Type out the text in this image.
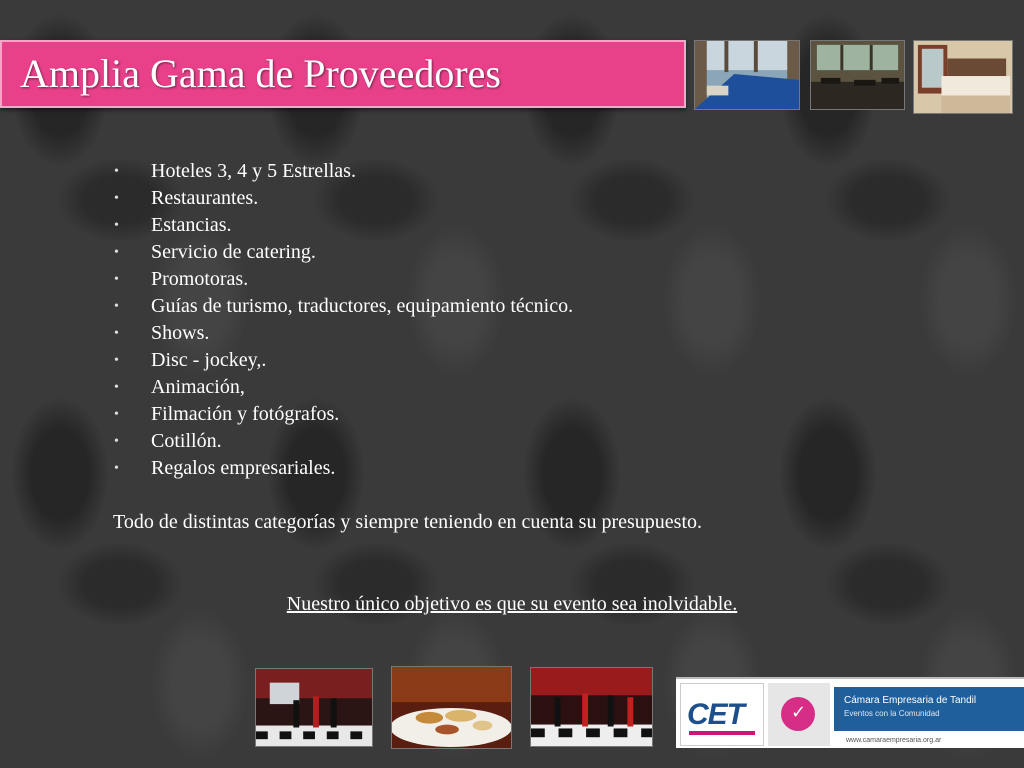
Amplia Gama de Proveedores
• Hoteles 3, 4 y 5 Estrellas.
• Restaurantes.
• Estancias.
• Servicio de catering.
• Promotoras.
• Guías de turismo, traductores, equipamiento técnico.
• Shows.
• Disc - jockey,.
• Animación,
• Filmación y fotógrafos.
• Cotillón.
• Regalos empresariales.
Todo de distintas categorías y siempre teniendo en cuenta su presupuesto.
Nuestro único objetivo es que su evento sea inolvidable.
CET	✓
Cámara Empresaria de Tandil
Eventos con la Comunidad
www.camaraempresaria.org.ar
